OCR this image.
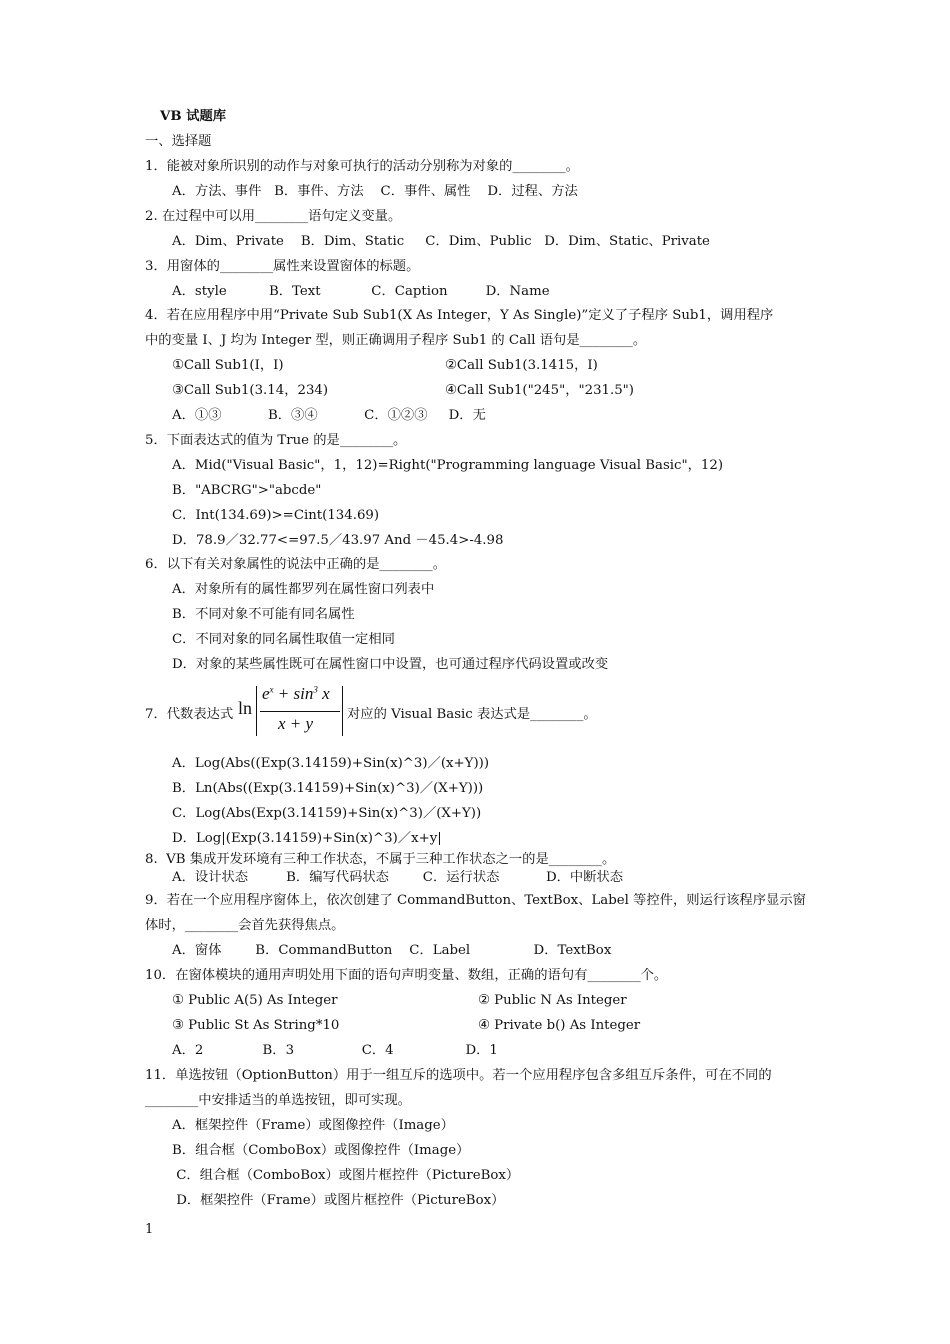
VB 试题库
一、选择题
1．能被对象所识别的动作与对象可执行的活动分别称为对象的________。
A．方法、事件   B．事件、方法    C．事件、属性    D．过程、方法
2. 在过程中可以用________语句定义变量。
A．Dim、Private    B．Dim、Static     C．Dim、Public   D．Dim、Static、Private
3．用窗体的________属性来设置窗体的标题。
A．style          B．Text            C．Caption         D．Name
4．若在应用程序中用“Private Sub Sub1(X As Integer，Y As Single)”定义了子程序 Sub1，调用程序
中的变量 I、J 均为 Integer 型，则正确调用子程序 Sub1 的 Call 语句是________。
①Call Sub1(I，I)	②Call Sub1(3.1415，I)
③Call Sub1(3.14，234)	④Call Sub1("245"，"231.5")
A．①③           B．③④           C．①②③     D．无
5．下面表达式的值为 True 的是________。
A．Mid("Visual Basic"，1，12)=Right("Programming language Visual Basic"，12)
B．"ABCRG">"abcde"
C．Int(134.69)>=Cint(134.69)
D．78.9／32.77<=97.5／43.97 And －45.4>-4.98
6．以下有关对象属性的说法中正确的是________。
A．对象所有的属性都罗列在属性窗口列表中
B．不同对象不可能有同名属性
C．不同对象的同名属性取值一定相同
D．对象的某些属性既可在属性窗口中设置，也可通过程序代码设置或改变
7．代数表达式 ln
$e^x + \sin^3 x$
x + y	对应的 Visual Basic 表达式是________。
A．Log(Abs((Exp(3.14159)+Sin(x)^3)／(x+Y)))
B．Ln(Abs((Exp(3.14159)+Sin(x)^3)／(X+Y)))
C．Log(Abs(Exp(3.14159)+Sin(x)^3)／(X+Y))
D．Log|(Exp(3.14159)+Sin(x)^3)／x+y|
8.  VB 集成开发环境有三种工作状态，不属于三种工作状态之一的是________。
A．设计状态         B．编写代码状态        C．运行状态           D．中断状态
9．若在一个应用程序窗体上，依次创建了 CommandButton、TextBox、Label 等控件，则运行该程序显示窗
体时，________会首先获得焦点。
A．窗体        B．CommandButton    C．Label               D．TextBox
10．在窗体模块的通用声明处用下面的语句声明变量、数组，正确的语句有________个。
① Public A(5) As Integer	② Public N As Integer
③ Public St As String*10	④ Private b() As Integer
A．2              B．3                C．4                 D．1
11．单选按钮（OptionButton）用于一组互斥的选项中。若一个应用程序包含多组互斥条件，可在不同的
________中安排适当的单选按钮，即可实现。
A．框架控件（Frame）或图像控件（Image）
B．组合框（ComboBox）或图像控件（Image）
C．组合框（ComboBox）或图片框控件（PictureBox）
D．框架控件（Frame）或图片框控件（PictureBox）
1
